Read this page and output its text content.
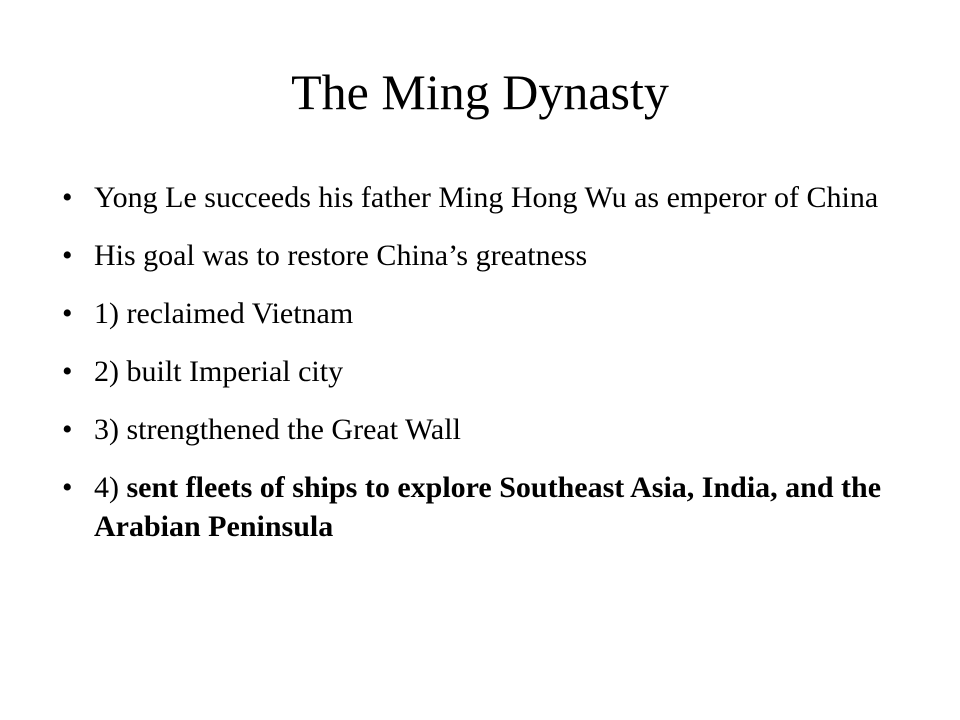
The Ming Dynasty
• Yong Le succeeds his father Ming Hong Wu as emperor of China
• His goal was to restore China’s greatness
• 1) reclaimed Vietnam
• 2) built Imperial city
• 3) strengthened the Great Wall
• 4) sent fleets of ships to explore Southeast Asia, India, and the Arabian Peninsula
